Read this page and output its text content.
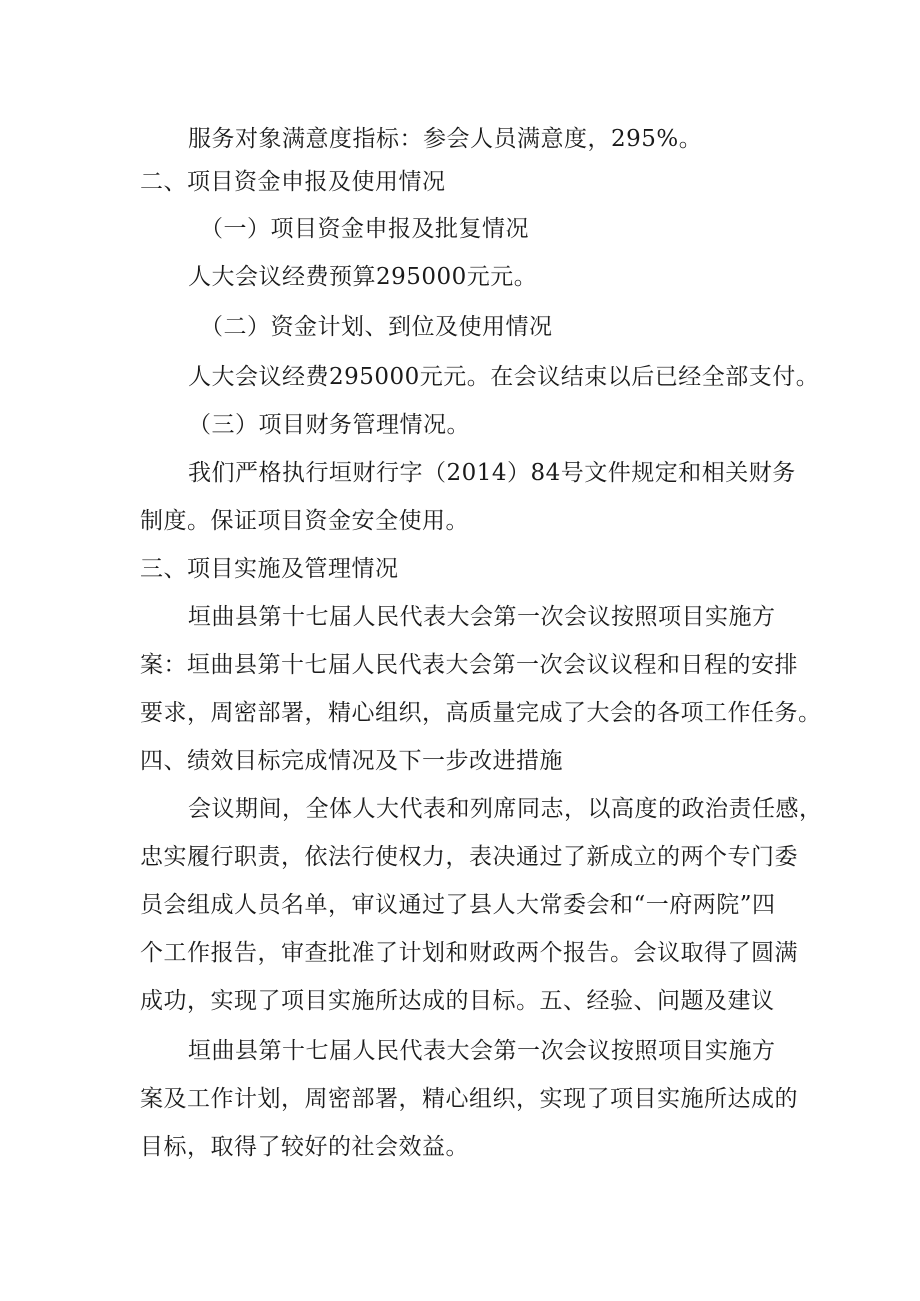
服务对象满意度指标：参会人员满意度，295%。
二、项目资金申报及使用情况
（一）项目资金申报及批复情况
人大会议经费预算295000元元。
（二）资金计划、到位及使用情况
人大会议经费295000元元。在会议结束以后已经全部支付。
（三）项目财务管理情况。
我们严格执行垣财行字（2014）84号文件规定和相关财务
制度。保证项目资金安全使用。
三、项目实施及管理情况
垣曲县第十七届人民代表大会第一次会议按照项目实施方
案：垣曲县第十七届人民代表大会第一次会议议程和日程的安排
要求，周密部署，精心组织，高质量完成了大会的各项工作任务。
四、绩效目标完成情况及下一步改进措施
会议期间，全体人大代表和列席同志，以高度的政治责任感，
忠实履行职责，依法行使权力，表决通过了新成立的两个专门委
员会组成人员名单，审议通过了县人大常委会和“一府两院”四
个工作报告，审查批准了计划和财政两个报告。会议取得了圆满
成功，实现了项目实施所达成的目标。五、经验、问题及建议
垣曲县第十七届人民代表大会第一次会议按照项目实施方
案及工作计划，周密部署，精心组织，实现了项目实施所达成的
目标，取得了较好的社会效益。
